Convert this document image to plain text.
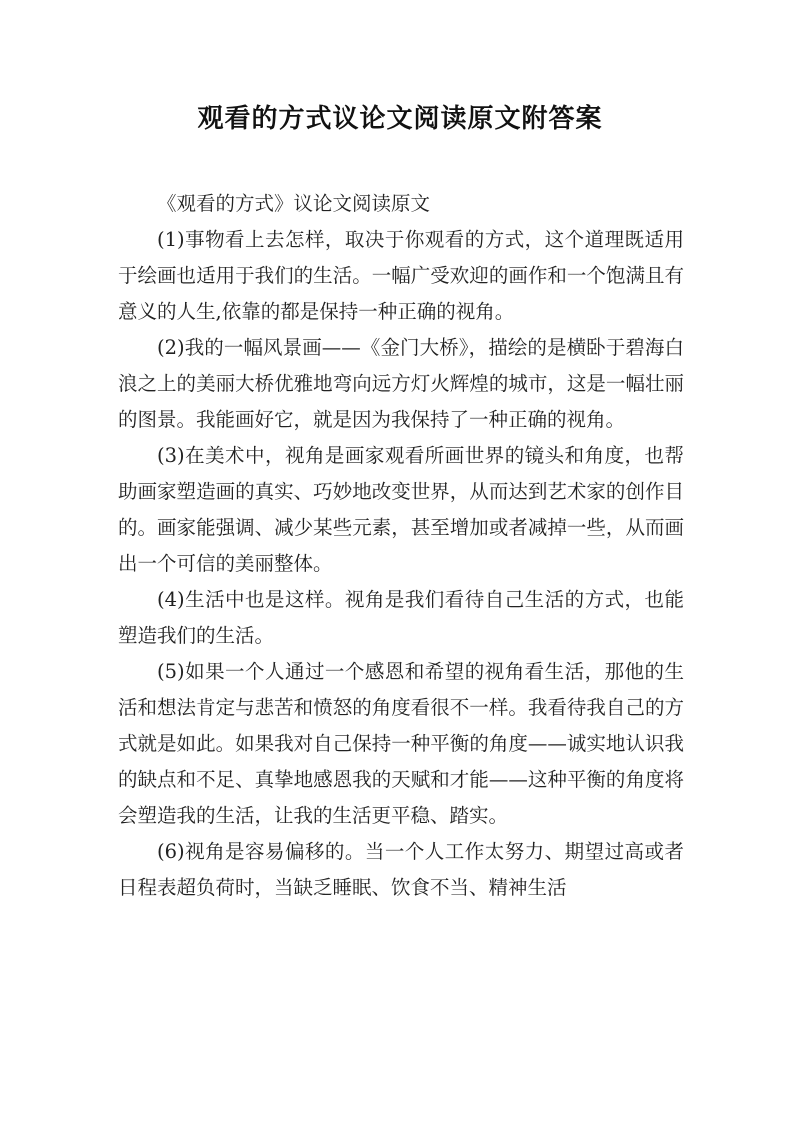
观看的方式议论文阅读原文附答案

《观看的方式》议论文阅读原文

(1)事物看上去怎样，取决于你观看的方式，这个道理既适用于绘画也适用于我们的生活。一幅广受欢迎的画作和一个饱满且有意义的人生,依靠的都是保持一种正确的视角。

(2)我的一幅风景画——《金门大桥》，描绘的是横卧于碧海白浪之上的美丽大桥优雅地弯向远方灯火辉煌的城市，这是一幅壮丽的图景。我能画好它，就是因为我保持了一种正确的视角。

(3)在美术中，视角是画家观看所画世界的镜头和角度，也帮助画家塑造画的真实、巧妙地改变世界，从而达到艺术家的创作目的。画家能强调、减少某些元素，甚至增加或者减掉一些，从而画出一个可信的美丽整体。

(4)生活中也是这样。视角是我们看待自己生活的方式，也能塑造我们的生活。

(5)如果一个人通过一个感恩和希望的视角看生活，那他的生活和想法肯定与悲苦和愤怒的角度看很不一样。我看待我自己的方式就是如此。如果我对自己保持一种平衡的角度——诚实地认识我的缺点和不足、真挚地感恩我的天赋和才能——这种平衡的角度将会塑造我的生活，让我的生活更平稳、踏实。

(6)视角是容易偏移的。当一个人工作太努力、期望过高或者日程表超负荷时，当缺乏睡眠、饮食不当、精神生活
